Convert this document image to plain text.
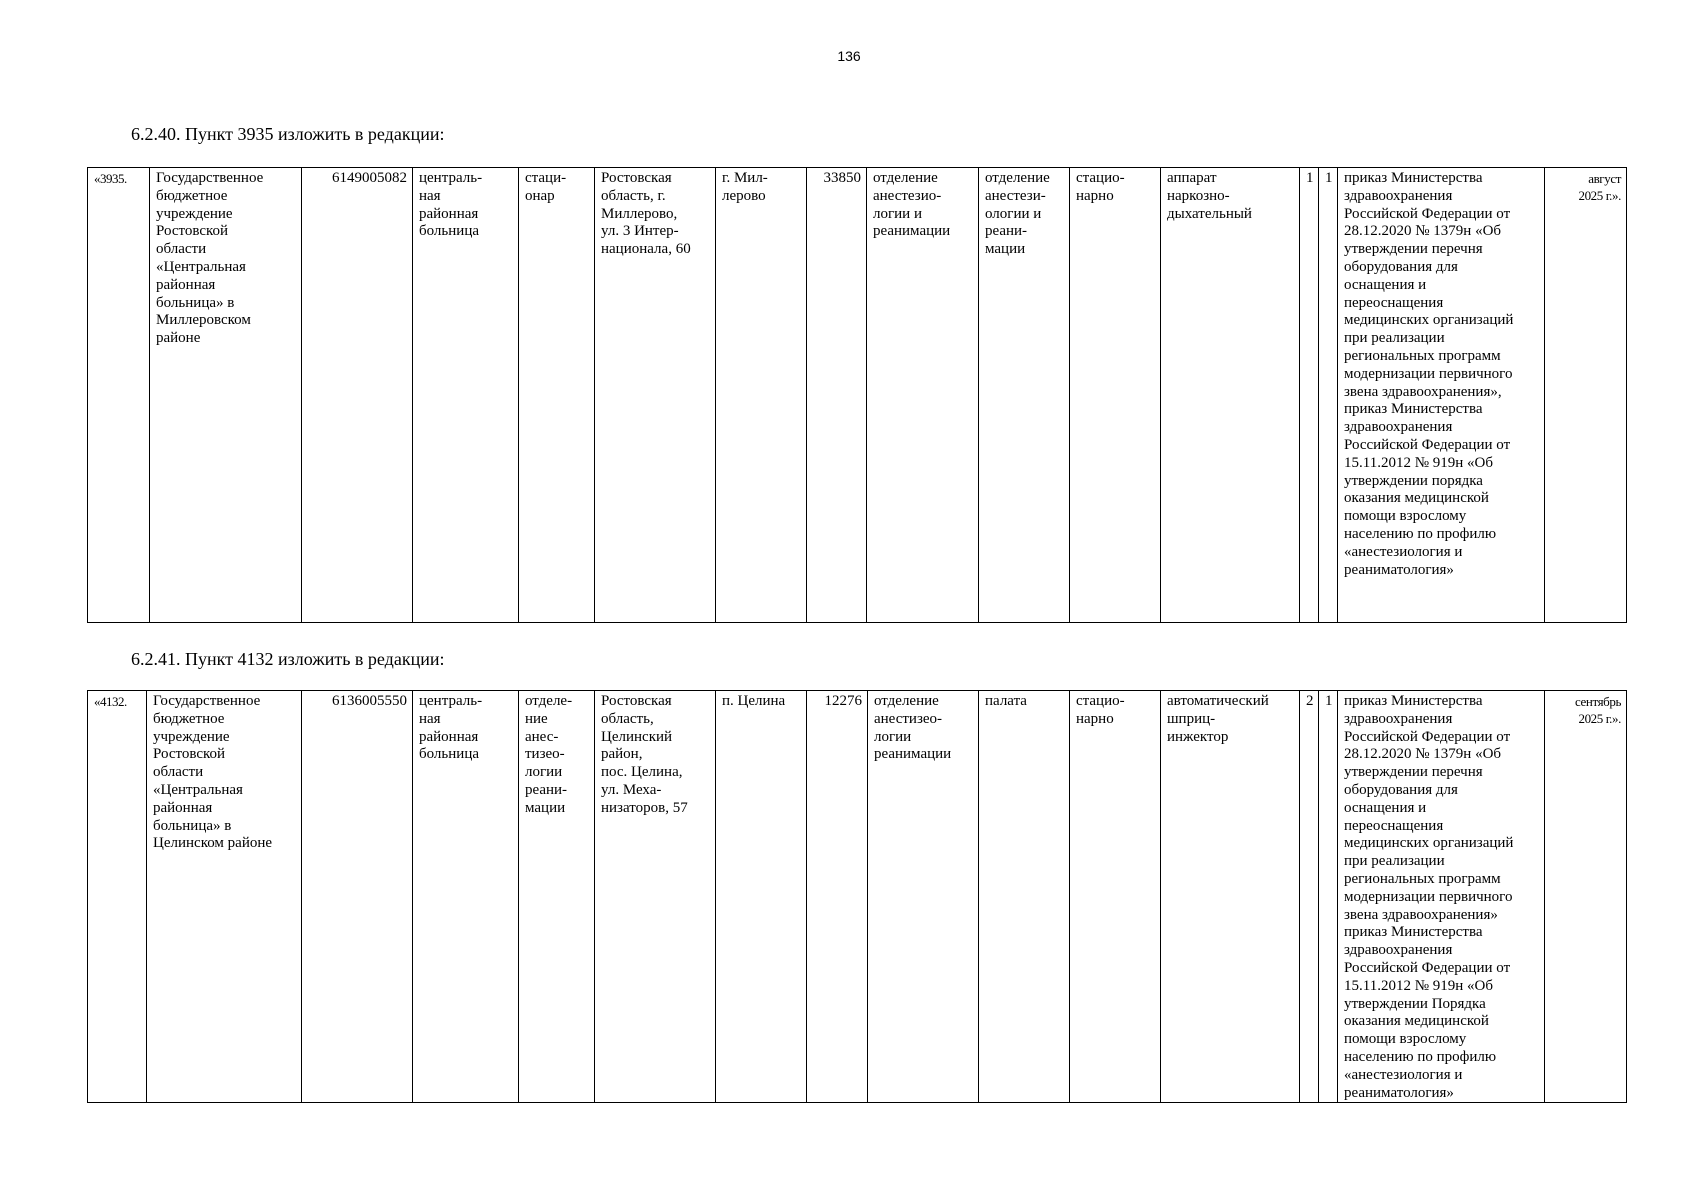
136
6.2.40. Пункт 3935 изложить в редакции:
«3935.	Государственное
бюджетное
учреждение
Ростовской
области
«Центральная
районная
больница» в
Миллеровском
районе	6149005082	централь-
ная
районная
больница	стаци-
онар	Ростовская
область, г.
Миллерово,
ул. 3 Интер-
национала, 60	г. Мил-
лерово	33850	отделение
анестезио-
логии и
реанимации	отделение
анестези-
ологии и
реани-
мации	стацио-
нарно	аппарат
наркозно-
дыхательный	1	1	приказ Министерства
здравоохранения
Российской Федерации от
28.12.2020 № 1379н «Об
утверждении перечня
оборудования для
оснащения и
переоснащения
медицинских организаций
при реализации
региональных программ
модернизации первичного
звена здравоохранения»,
приказ Министерства
здравоохранения
Российской Федерации от
15.11.2012 № 919н «Об
утверждении порядка
оказания медицинской
помощи взрослому
населению по профилю
«анестезиология и
реаниматология»	август
2025 г.».
6.2.41. Пункт 4132 изложить в редакции:
«4132.	Государственное
бюджетное
учреждение
Ростовской
области
«Центральная
районная
больница» в
Целинском районе	6136005550	централь-
ная
районная
больница	отделе-
ние
анес-
тизео-
логии
реани-
мации	Ростовская
область,
Целинский
район,
пос. Целина,
ул. Меха-
низаторов, 57	п. Целина	12276	отделение
анестизео-
логии
реанимации	палата	стацио-
нарно	автоматический
шприц-
инжектор	2	1	приказ Министерства
здравоохранения
Российской Федерации от
28.12.2020 № 1379н «Об
утверждении перечня
оборудования для
оснащения и
переоснащения
медицинских организаций
при реализации
региональных программ
модернизации первичного
звена здравоохранения»
приказ Министерства
здравоохранения
Российской Федерации от
15.11.2012 № 919н «Об
утверждении Порядка
оказания медицинской
помощи взрослому
населению по профилю
«анестезиология и
реаниматология»	сентябрь
2025 г.».
